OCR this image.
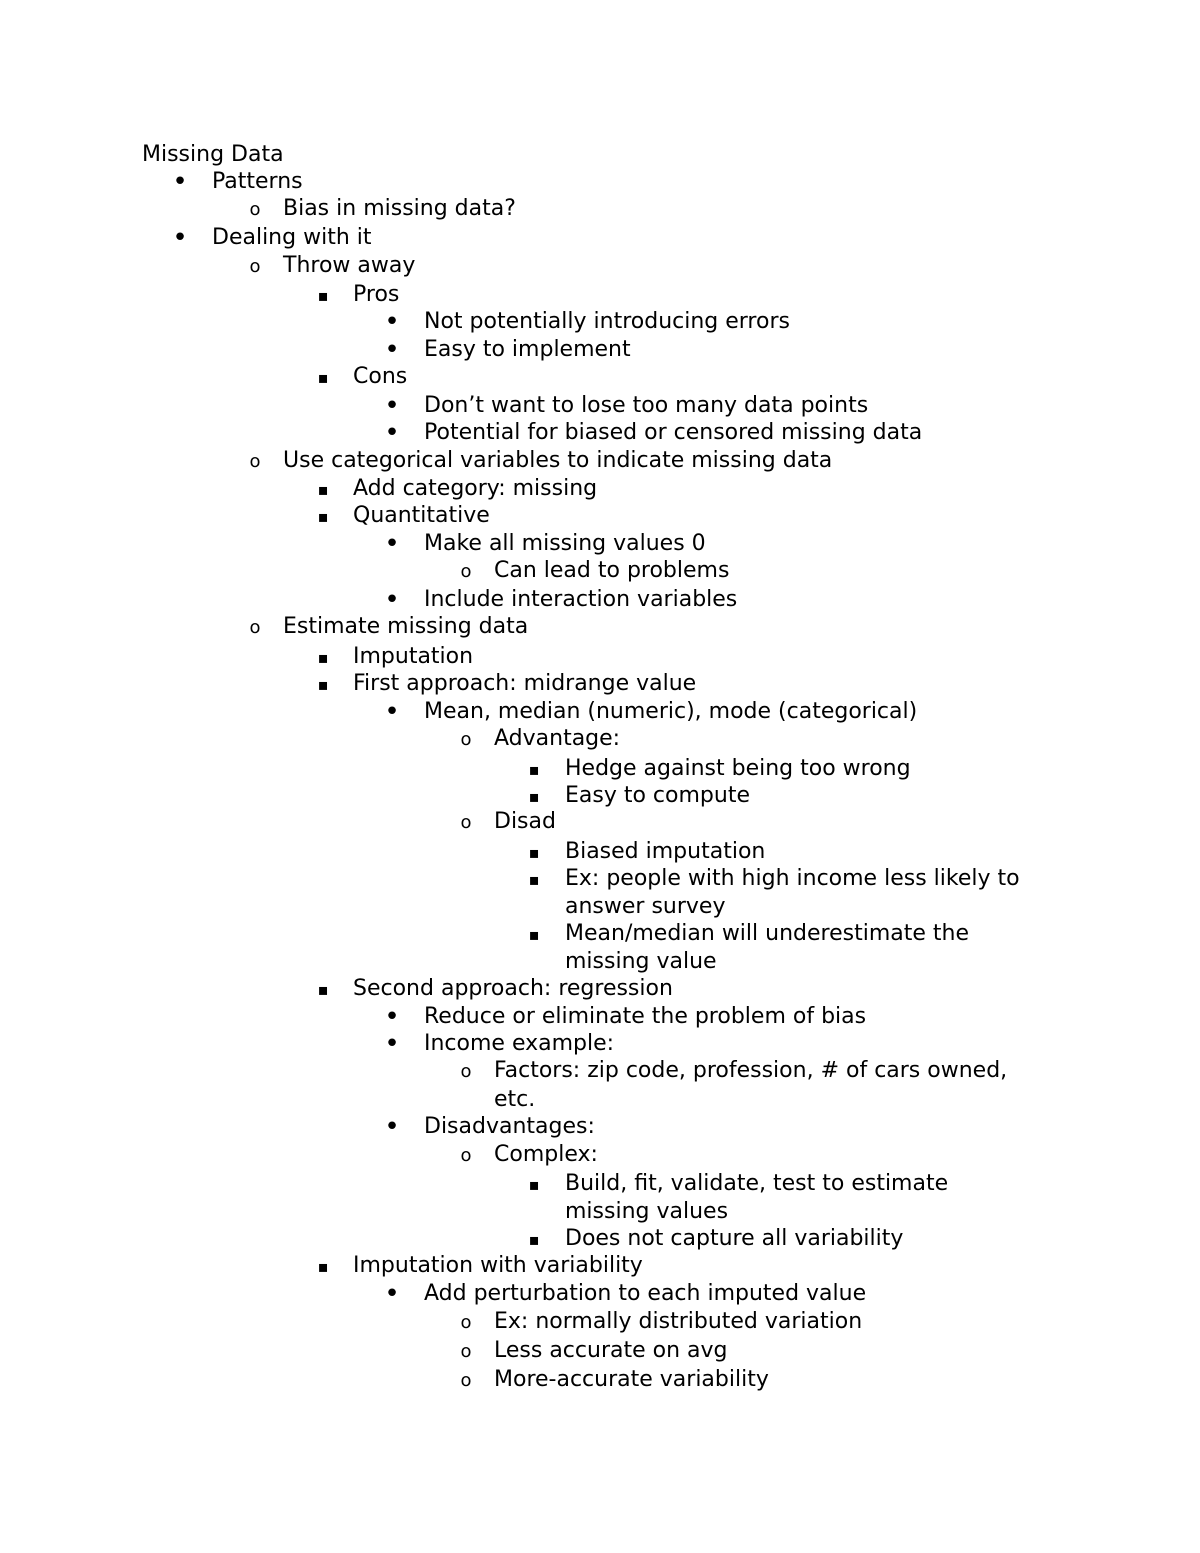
Missing Data
•
Patterns
o
Bias in missing data?
•
Dealing with it
o
Throw away
▪
Pros
•
Not potentially introducing errors
•
Easy to implement
▪
Cons
•
Don’t want to lose too many data points
•
Potential for biased or censored missing data
o
Use categorical variables to indicate missing data
▪
Add category: missing
▪
Quantitative
•
Make all missing values 0
o
Can lead to problems
•
Include interaction variables
o
Estimate missing data
▪
Imputation
▪
First approach: midrange value
•
Mean, median (numeric), mode (categorical)
o
Advantage:
▪
Hedge against being too wrong
▪
Easy to compute
o
Disad
▪
Biased imputation
▪
Ex: people with high income less likely to
answer survey
▪
Mean/median will underestimate the
missing value
▪
Second approach: regression
•
Reduce or eliminate the problem of bias
•
Income example:
o
Factors: zip code, profession, # of cars owned,
etc.
•
Disadvantages:
o
Complex:
▪
Build, fit, validate, test to estimate
missing values
▪
Does not capture all variability
▪
Imputation with variability
•
Add perturbation to each imputed value
o
Ex: normally distributed variation
o
Less accurate on avg
o
More-accurate variability
